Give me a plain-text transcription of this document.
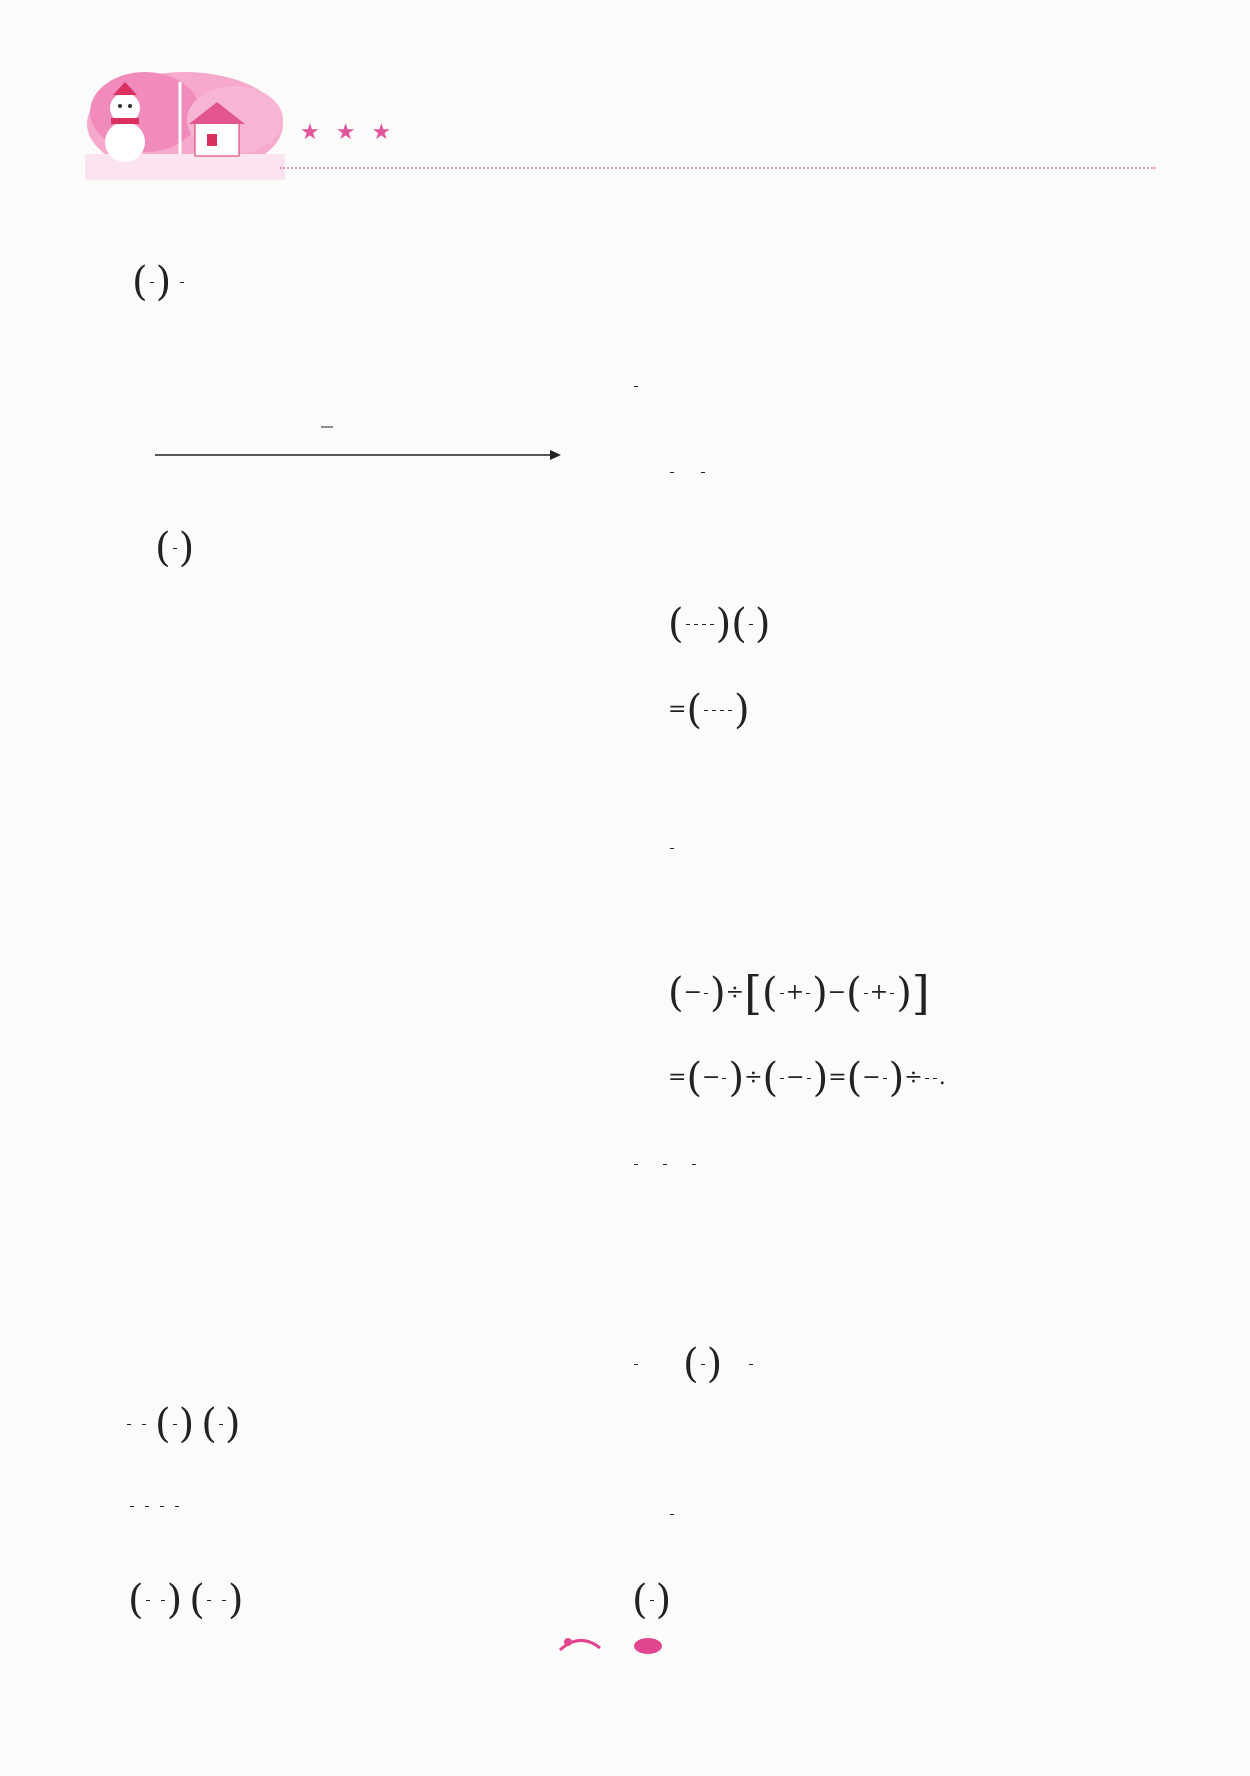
★★★
( )
( )

( ) ( )

(
) (
)

( )( )
=( )
(− )÷[( + )−( + )]
=(− )÷( − )=(− )÷ .

( )
( )
